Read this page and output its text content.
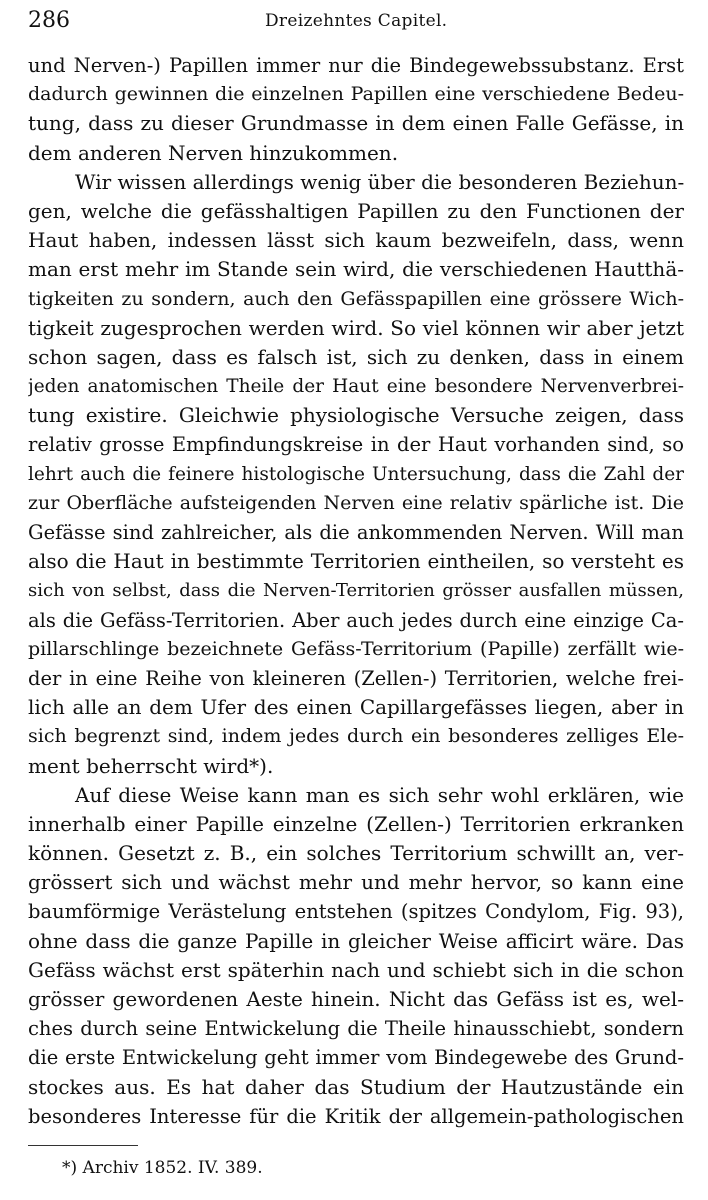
286	Dreizehntes Capitel.
und Nerven-) Papillen immer nur die Bindegewebssubstanz. Erst
dadurch gewinnen die einzelnen Papillen eine verschiedene Bedeu-
tung, dass zu dieser Grundmasse in dem einen Falle Gefässe, in
dem anderen Nerven hinzukommen.
Wir wissen allerdings wenig über die besonderen Beziehun-
gen, welche die gefässhaltigen Papillen zu den Functionen der
Haut haben, indessen lässt sich kaum bezweifeln, dass, wenn
man erst mehr im Stande sein wird, die verschiedenen Hautthä-
tigkeiten zu sondern, auch den Gefässpapillen eine grössere Wich-
tigkeit zugesprochen werden wird. So viel können wir aber jetzt
schon sagen, dass es falsch ist, sich zu denken, dass in einem
jeden anatomischen Theile der Haut eine besondere Nervenverbrei-
tung existire. Gleichwie physiologische Versuche zeigen, dass
relativ grosse Empfindungskreise in der Haut vorhanden sind, so
lehrt auch die feinere histologische Untersuchung, dass die Zahl der
zur Oberfläche aufsteigenden Nerven eine relativ spärliche ist. Die
Gefässe sind zahlreicher, als die ankommenden Nerven. Will man
also die Haut in bestimmte Territorien eintheilen, so versteht es
sich von selbst, dass die Nerven-Territorien grösser ausfallen müssen,
als die Gefäss-Territorien. Aber auch jedes durch eine einzige Ca-
pillarschlinge bezeichnete Gefäss-Territorium (Papille) zerfällt wie-
der in eine Reihe von kleineren (Zellen-) Territorien, welche frei-
lich alle an dem Ufer des einen Capillargefässes liegen, aber in
sich begrenzt sind, indem jedes durch ein besonderes zelliges Ele-
ment beherrscht wird*).
Auf diese Weise kann man es sich sehr wohl erklären, wie
innerhalb einer Papille einzelne (Zellen-) Territorien erkranken
können. Gesetzt z. B., ein solches Territorium schwillt an, ver-
grössert sich und wächst mehr und mehr hervor, so kann eine
baumförmige Verästelung entstehen (spitzes Condylom, Fig. 93),
ohne dass die ganze Papille in gleicher Weise afficirt wäre. Das
Gefäss wächst erst späterhin nach und schiebt sich in die schon
grösser gewordenen Aeste hinein. Nicht das Gefäss ist es, wel-
ches durch seine Entwickelung die Theile hinausschiebt, sondern
die erste Entwickelung geht immer vom Bindegewebe des Grund-
stockes aus. Es hat daher das Studium der Hautzustände ein
besonderes Interesse für die Kritik der allgemein-pathologischen
*) Archiv 1852. IV. 389.
